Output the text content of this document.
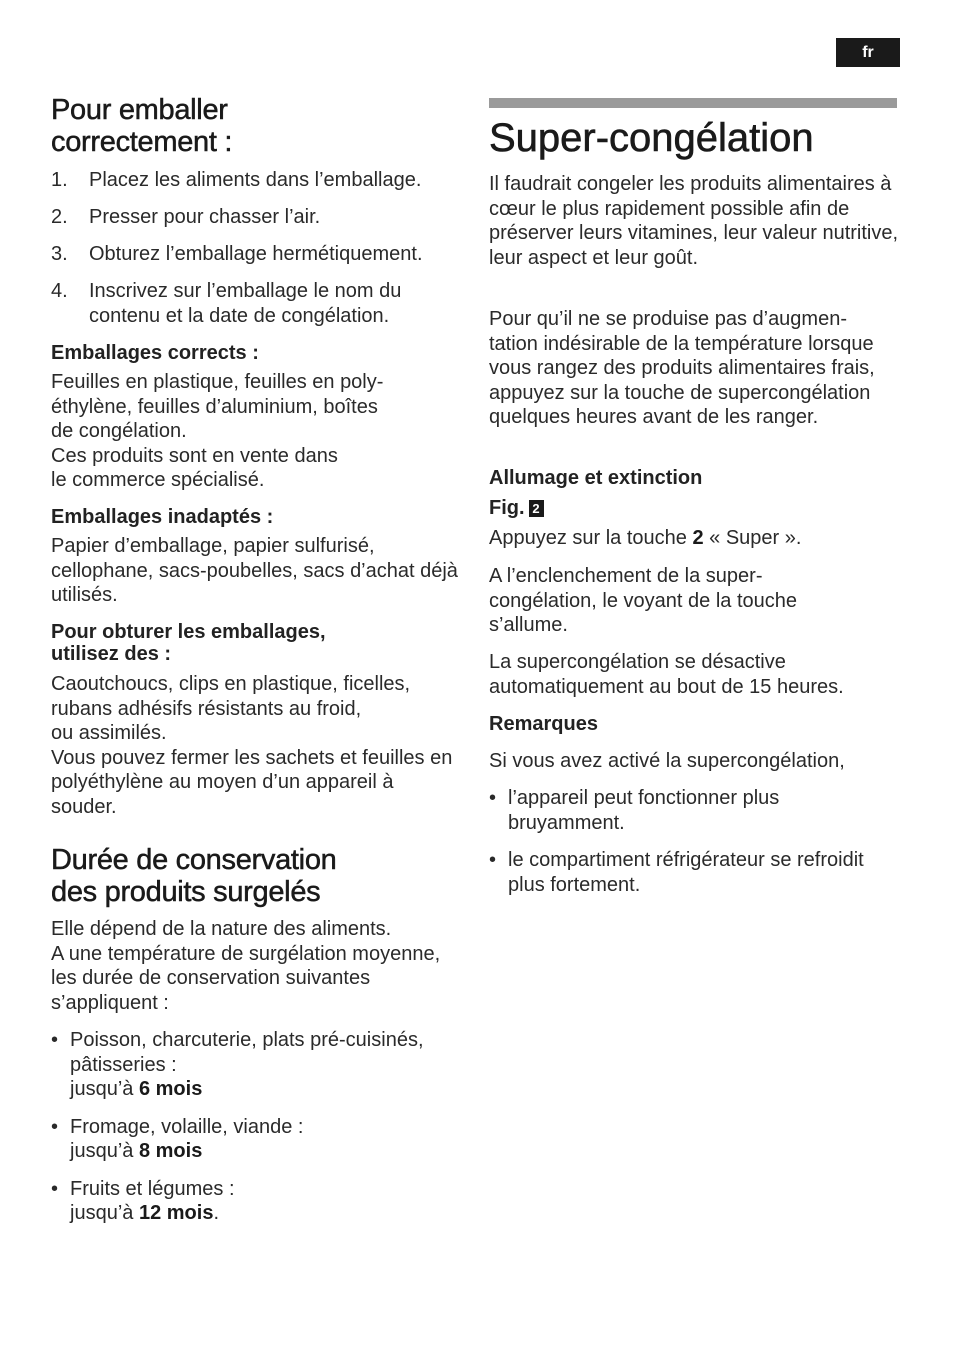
fr
Pour emballer correctement :
1. Placez les aliments dans l’emballage.
2. Presser pour chasser l’air.
3. Obturez l’emballage hermétiquement.
4. Inscrivez sur l’emballage le nom du contenu et la date de congélation.
Emballages corrects :

Feuilles en plastique, feuilles en poly-

éthylène, feuilles d’aluminium, boîtes

de congélation.

Ces produits sont en vente dans

le commerce spécialisé.

Emballages inadaptés :

Papier d’emballage, papier sulfurisé, cellophane, sacs-poubelles, sacs d’achat déjà utilisés.

Pour obturer les emballages,
utilisez des :

Caoutchoucs, clips en plastique, ficelles,

rubans adhésifs résistants au froid,

ou assimilés.

Vous pouvez fermer les sachets et feuilles en polyéthylène au moyen d’un appareil à souder.

Durée de conservation
des produits surgelés

Elle dépend de la nature des aliments.

A une température de surgélation moyenne, les durée de conservation suivantes s’appliquent :

• Poisson, charcuterie, plats pré-cuisinés, pâtisseries :
jusqu’à 6 mois
• Fromage, volaille, viande :
jusqu’à 8 mois
• Fruits et légumes :
jusqu’à 12 mois.
Super-congélation

Il faudrait congeler les produits alimentaires à cœur le plus rapidement possible afin de préserver leurs vitamines, leur valeur nutritive, leur aspect et leur goût.

Pour qu’il ne se produise pas d’augmen-tation indésirable de la température lorsque vous rangez des produits alimentaires frais, appuyez sur la touche de supercongélation quelques heures avant de les ranger.

Allumage et extinction
Fig. 2

Appuyez sur la touche 2 « Super ».

A l’enclenchement de la super-congélation, le voyant de la touche s’allume.

La supercongélation se désactive automatiquement au bout de 15 heures.

Remarques

Si vous avez activé la supercongélation,

• l’appareil peut fonctionner plus bruyamment.
• le compartiment réfrigérateur se refroidit plus fortement.
